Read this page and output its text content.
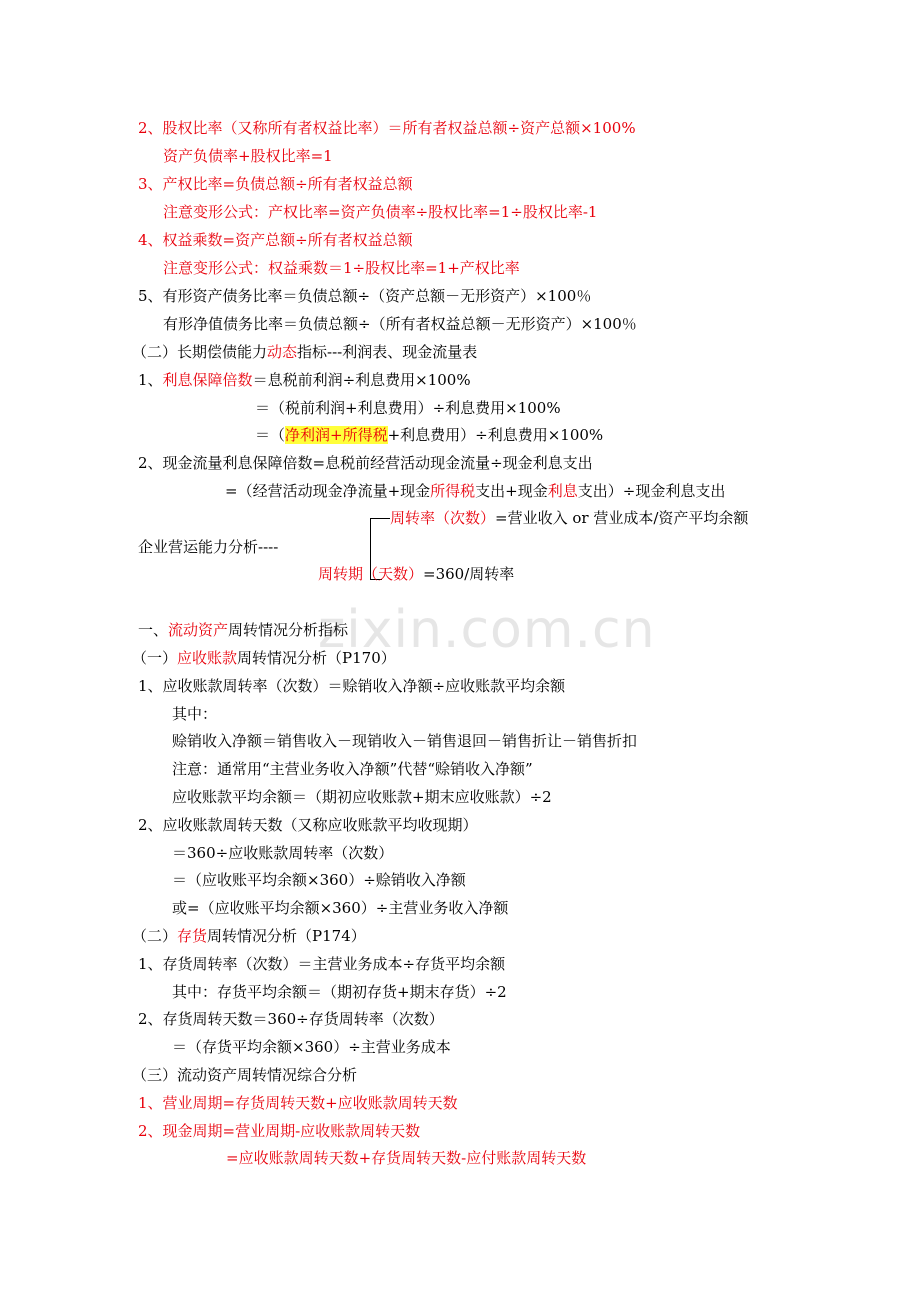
zixin.com.cn
2、股权比率（又称所有者权益比率）＝所有者权益总额÷资产总额×100%
资产负债率+股权比率=1
3、产权比率=负债总额÷所有者权益总额
注意变形公式：产权比率=资产负债率÷股权比率=1÷股权比率-1
4、权益乘数=资产总额÷所有者权益总额
注意变形公式：权益乘数＝1÷股权比率=1+产权比率
5、有形资产债务比率＝负债总额÷（资产总额－无形资产）×100％
有形净值债务比率＝负债总额÷（所有者权益总额－无形资产）×100％
（二）长期偿债能力动态指标---利润表、现金流量表
1、利息保障倍数＝息税前利润÷利息费用×100%
＝（税前利润+利息费用）÷利息费用×100%
＝（净利润+所得税+利息费用）÷利息费用×100%
2、现金流量利息保障倍数=息税前经营活动现金流量÷现金利息支出
=（经营活动现金净流量+现金所得税支出+现金利息支出）÷现金利息支出
周转率（次数）=营业收入 or 营业成本/资产平均余额
企业营运能力分析----
周转期（天数）=360/周转率
一、流动资产周转情况分析指标
（一）应收账款周转情况分析（P170）
1、应收账款周转率（次数）＝赊销收入净额÷应收账款平均余额
其中：
赊销收入净额＝销售收入－现销收入－销售退回－销售折让－销售折扣
注意：通常用“主营业务收入净额”代替“赊销收入净额”
应收账款平均余额＝（期初应收账款+期末应收账款）÷2
2、应收账款周转天数（又称应收账款平均收现期）
＝360÷应收账款周转率（次数）
＝（应收账平均余额×360）÷赊销收入净额
或=（应收账平均余额×360）÷主营业务收入净额
（二）存货周转情况分析（P174）
1、存货周转率（次数）＝主营业务成本÷存货平均余额
其中：存货平均余额＝（期初存货+期末存货）÷2
2、存货周转天数＝360÷存货周转率（次数）
＝（存货平均余额×360）÷主营业务成本
（三）流动资产周转情况综合分析
1、营业周期=存货周转天数+应收账款周转天数
2、现金周期=营业周期-应收账款周转天数
=应收账款周转天数+存货周转天数-应付账款周转天数
